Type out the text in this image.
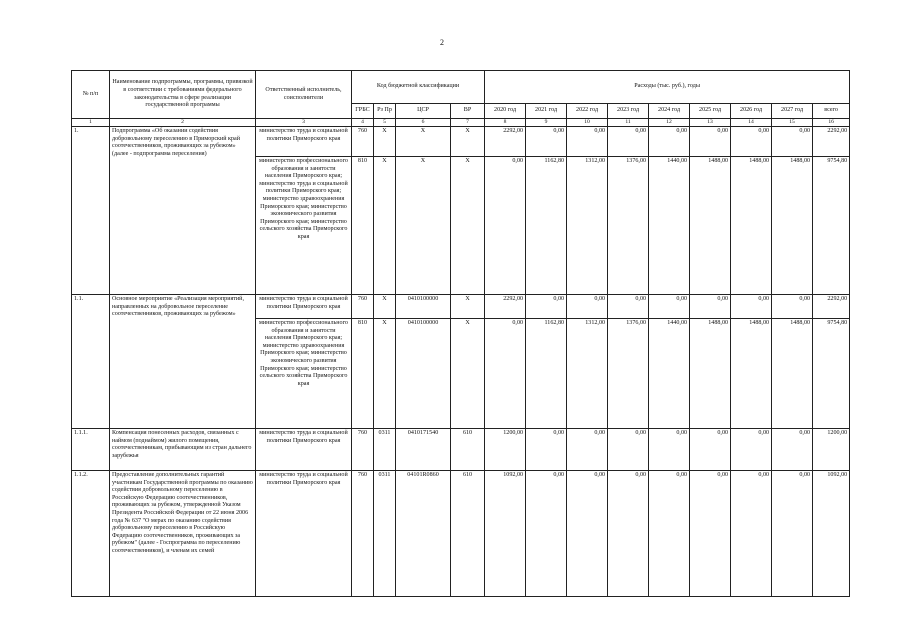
2
№ п/п	Наименование подпрограммы, программы, привязкой в соответствии с требованиями федерального законодательства в сфере реализации государственной программы	Ответственный исполнитель, соисполнители	Код бюджетной классификации				Расходы (тыс. руб.), годы								
			ГРБС	Рз Пр	ЦСР	ВР	2020 год	2021 год	2022 год	2023 год	2024 год	2025 год	2026 год	2027 год	всего
1	2	3	4	5	6	7	8	9	10	11	12	13	14	15	16
1.	Подпрограмма «Об оказании содействия добровольному переселению в Приморский край соотечественников, проживающих за рубежом» (далее - подпрограмма переселения)	министерство труда и социальной политики Приморского края	760	X	X	X	2292,00	0,00	0,00	0,00	0,00	0,00	0,00	0,00	2292,00
		министерство профессионального образования и занятости населения Приморского края; министерство труда и социальной политики Приморского края; министерство здравоохранения Приморского края; министерство экономического развития Приморского края; министерство сельского хозяйства Приморского края	810	X	X	X	0,00	1162,80	1312,00	1376,00	1440,00	1488,00	1488,00	1488,00	9754,80
1.1.	Основное мероприятие «Реализация мероприятий, направленных на добровольное переселение соотечественников, проживающих за рубежом»	министерство труда и социальной политики Приморского края	760	X	0410100000	X	2292,00	0,00	0,00	0,00	0,00	0,00	0,00	0,00	2292,00
		министерство профессионального образования и занятости населения Приморского края; министерство здравоохранения Приморского края; министерство экономического развития Приморского края; министерство сельского хозяйства Приморского края	810	X	0410100000	X	0,00	1162,80	1312,00	1376,00	1440,00	1488,00	1488,00	1488,00	9754,80
1.1.1.	Компенсация понесенных расходов, связанных с наймом (поднаймом) жилого помещения, соотечественникам, прибывающим из стран дальнего зарубежья	министерство труда и социальной политики Приморского края	760	0311	0410171540	610	1200,00	0,00	0,00	0,00	0,00	0,00	0,00	0,00	1200,00
1.1.2.	Предоставление дополнительных гарантий участникам Государственной программы по оказанию содействия добровольному переселению в Российскую Федерацию соотечественников, проживающих за рубежом, утвержденной Указом Президента Российской Федерации от 22 июня 2006 года № 637 "О мерах по оказанию содействия добровольному переселению в Российскую Федерацию соотечественников, проживающих за рубежом" (далее - Госпрограмма по переселению соотечественников), и членам их семей	министерство труда и социальной политики Приморского края	760	0311	04101R0860	610	1092,00	0,00	0,00	0,00	0,00	0,00	0,00	0,00	1092,00
